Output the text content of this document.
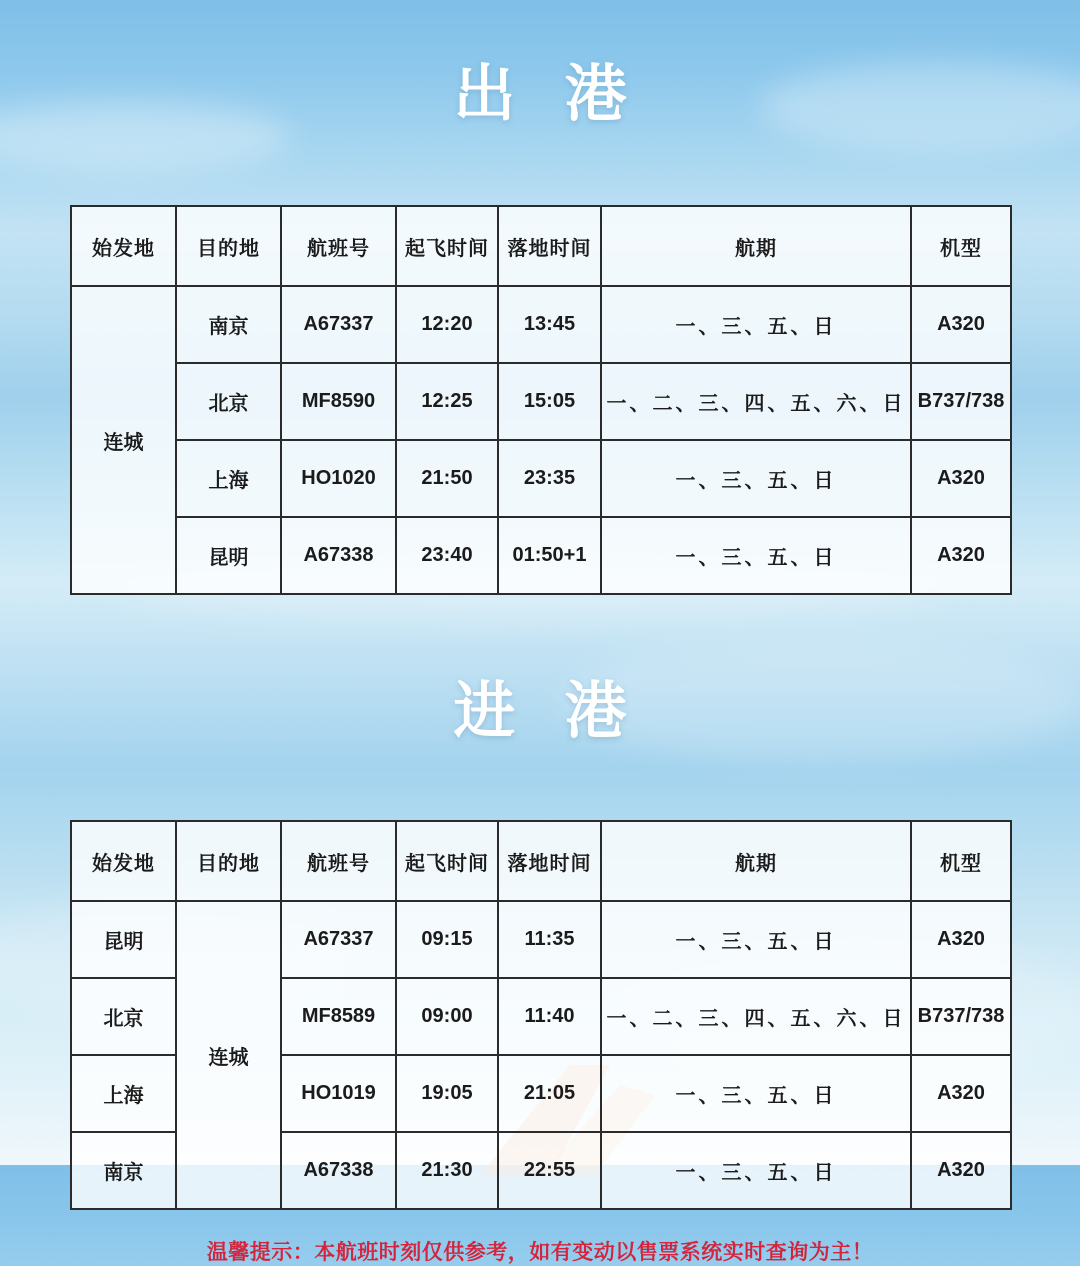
出 港
始发地	目的地	航班号	起飞时间	落地时间	航期	机型
连城	南京	A67337	12:20	13:45	一、三、五、日	A320
	北京	MF8590	12:25	15:05	一、二、三、四、五、六、日	B737/738
	上海	HO1020	21:50	23:35	一、三、五、日	A320
	昆明	A67338	23:40	01:50+1	一、三、五、日	A320
进 港
始发地	目的地	航班号	起飞时间	落地时间	航期	机型
昆明	连城	A67337	09:15	11:35	一、三、五、日	A320
北京		MF8589	09:00	11:40	一、二、三、四、五、六、日	B737/738
上海		HO1019	19:05	21:05	一、三、五、日	A320
南京		A67338	21:30	22:55	一、三、五、日	A320
温馨提示：本航班时刻仅供参考，如有变动以售票系统实时查询为主！
